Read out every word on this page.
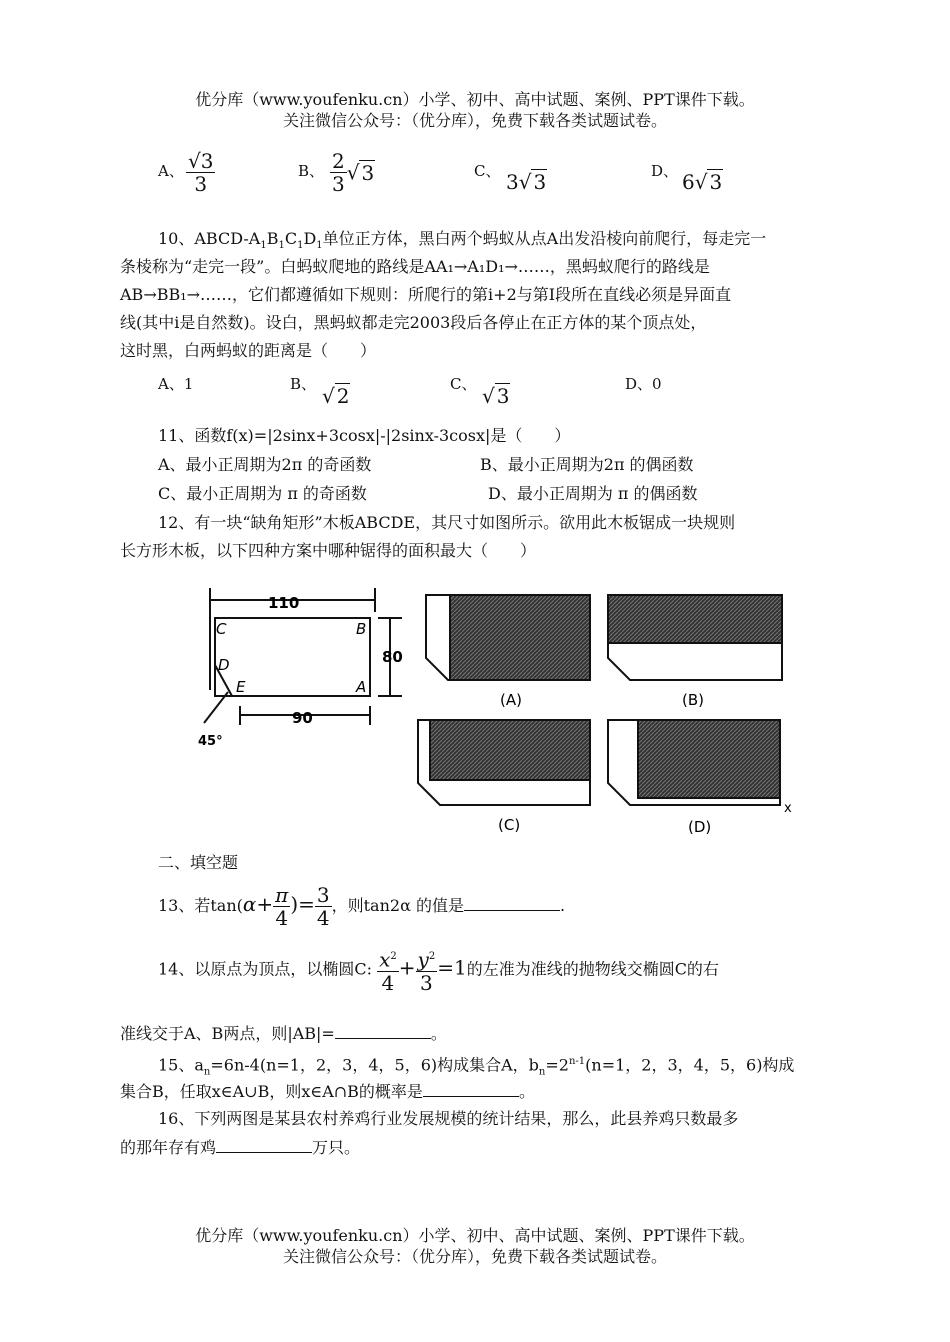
优分库（www.youfenku.cn）小学、初中、高中试题、案例、PPT课件下载。
关注微信公众号：（优分库），免费下载各类试题试卷。
A、 $\frac{√3}{3}$	B、 $\frac{2}{3}$ √ 3	C、 3√ 3	D、 6√ 3
10、ABCD-$A_1B_1C_1D_1$单位正方体，黑白两个蚂蚁从点A出发沿棱向前爬行，每走完一
条棱称为“走完一段”。白蚂蚁爬地的路线是AA₁→A₁D₁→……，黑蚂蚁爬行的路线是
AB→BB₁→……，它们都遵循如下规则：所爬行的第i+2与第I段所在直线必须是异面直
线(其中i是自然数)。设白，黑蚂蚁都走完2003段后各停止在正方体的某个顶点处，
这时黑，白两蚂蚁的距离是（　　）
A、1	B、 √ 2	C、 √ 3	D、0
11、函数f(x)=|2sinx+3cosx|-|2sinx-3cosx|是（　　）
A、最小正周期为2π 的奇函数	B、最小正周期为2π 的偶函数
C、最小正周期为 π 的奇函数	D、最小正周期为 π 的偶函数
12、有一块“缺角矩形”木板ABCDE，其尺寸如图所示。欲用此木板锯成一块规则
长方形木板，以下四种方案中哪种锯得的面积最大（　　）
110
80
90
45°
C	B
D
E	A
(A)	(B)
(C)	(D)
x
二、填空题
13、若$\tan(\alpha+ \frac{\pi}{4}$ )= $\frac{3}{4}$ ，则tan2α 的值是	.
14、以原点为顶点，以椭圆C: $\frac{x^2}{4} + \frac{y^2}{3} =1$的左准为准线的抛物线交椭圆C的右
准线交于A、B两点，则|AB|=	。
15、$a_n=6n-4(n=1$，2，3，4，5，6)构成集合A，$b_n=2^{n-1}(n=1$，2，3，4，5，6)构成
集合B，任取x∈A∪B，则x∈A∩B的概率是	。
16、下列两图是某县农村养鸡行业发展规模的统计结果，那么，此县养鸡只数最多
的那年存有鸡	万只。
优分库（www.youfenku.cn）小学、初中、高中试题、案例、PPT课件下载。
关注微信公众号：（优分库），免费下载各类试题试卷。
